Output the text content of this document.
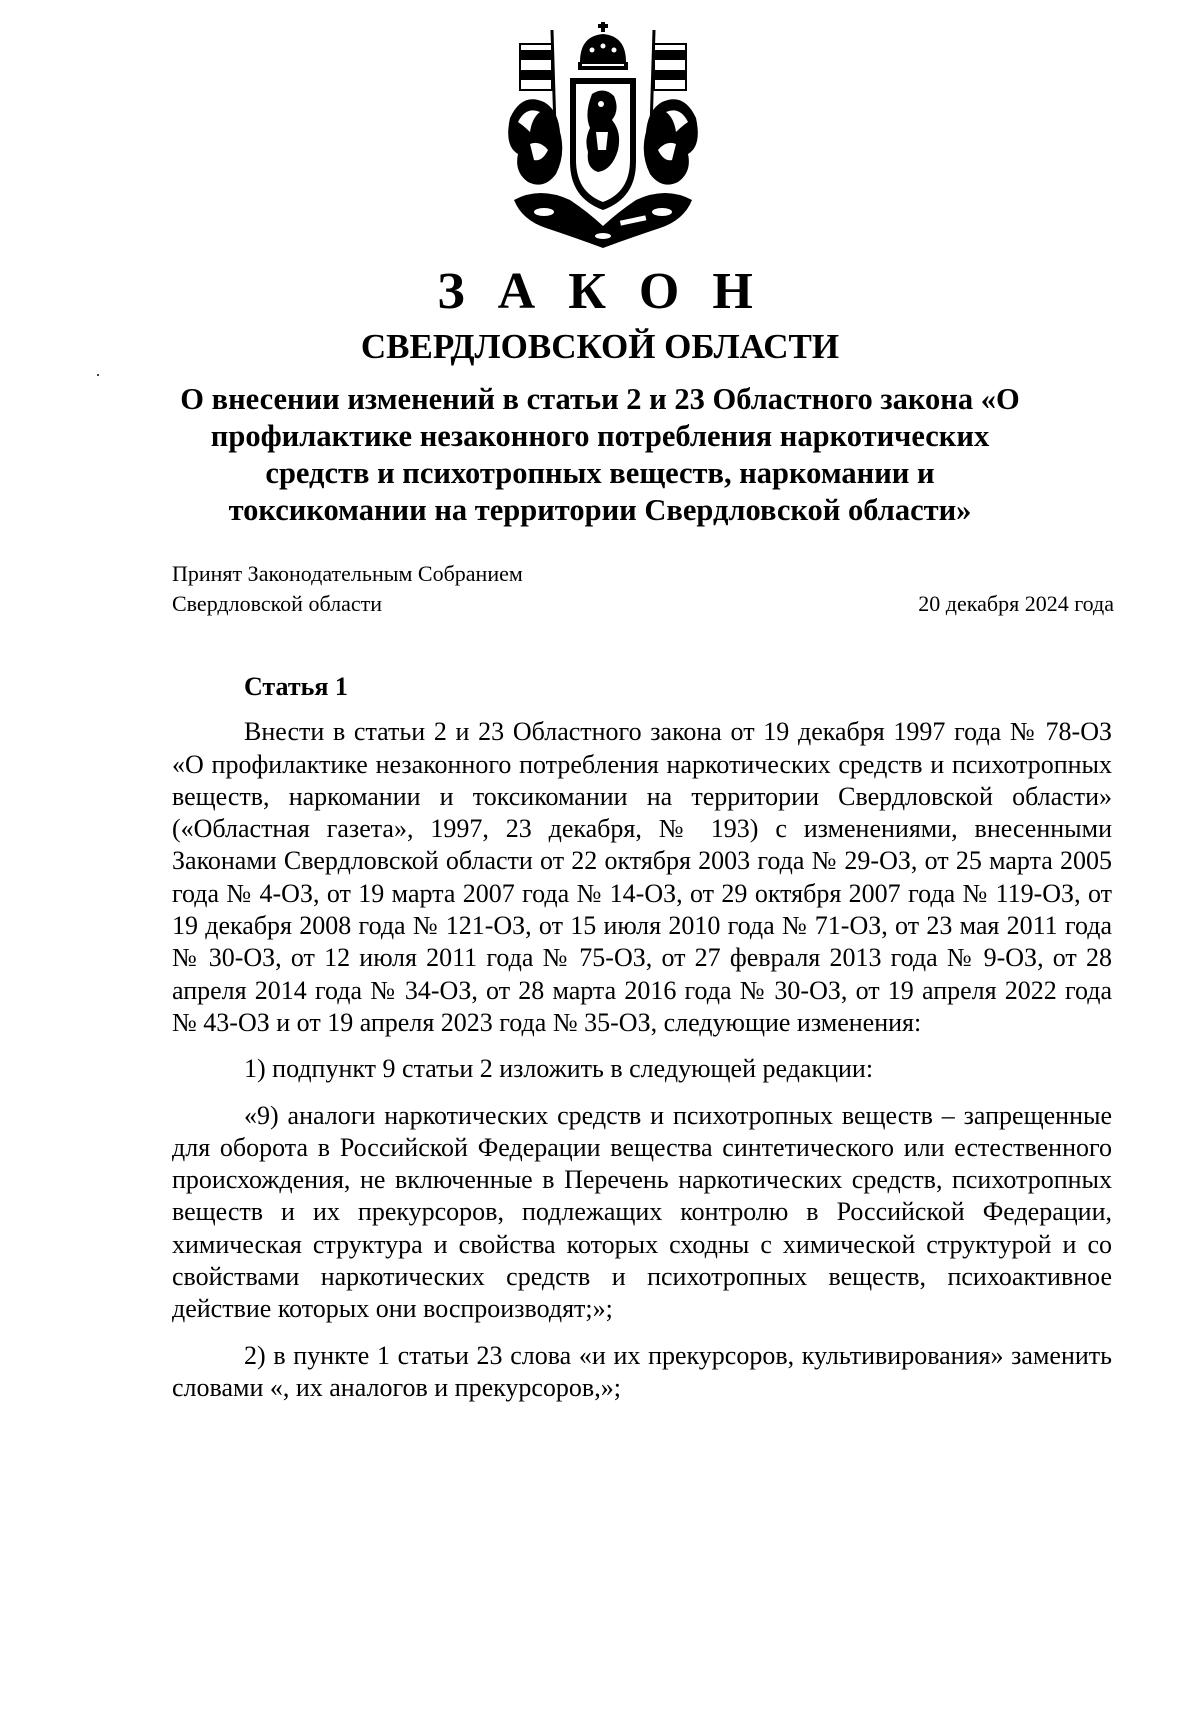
З А К О Н
СВЕРДЛОВСКОЙ ОБЛАСТИ
О внесении изменений в статьи 2 и 23 Областного закона «О профилактике незаконного потребления наркотических средств и психотропных веществ, наркомании и токсикомании на территории Свердловской области»
Принят Законодательным Собранием
Свердловской области	20 декабря 2024 года

Статья 1

Внести в статьи 2 и 23 Областного закона от 19 декабря 1997 года № 78-ОЗ «О профилактике незаконного потребления наркотических средств и психотропных веществ, наркомании и токсикомании на территории Свердловской области» («Областная газета», 1997, 23 декабря, № 193) с изменениями, внесенными Законами Свердловской области от 22 октября 2003 года № 29-ОЗ, от 25 марта 2005 года № 4-ОЗ, от 19 марта 2007 года № 14-ОЗ, от 29 октября 2007 года № 119-ОЗ, от 19 декабря 2008 года № 121-ОЗ, от 15 июля 2010 года № 71-ОЗ, от 23 мая 2011 года № 30-ОЗ, от 12 июля 2011 года № 75-ОЗ, от 27 февраля 2013 года № 9-ОЗ, от 28 апреля 2014 года № 34-ОЗ, от 28 марта 2016 года № 30-ОЗ, от 19 апреля 2022 года № 43-ОЗ и от 19 апреля 2023 года № 35-ОЗ, следующие изменения:

1) подпункт 9 статьи 2 изложить в следующей редакции:

«9) аналоги наркотических средств и психотропных веществ – запрещенные для оборота в Российской Федерации вещества синтетического или естественного происхождения, не включенные в Перечень наркотических средств, психотропных веществ и их прекурсоров, подлежащих контролю в Российской Федерации, химическая структура и свойства которых сходны с химической структурой и со свойствами наркотических средств и психотропных веществ, психоактивное действие которых они воспроизводят;»;

2) в пункте 1 статьи 23 слова «и их прекурсоров, культивирования» заменить словами «, их аналогов и прекурсоров,»;
